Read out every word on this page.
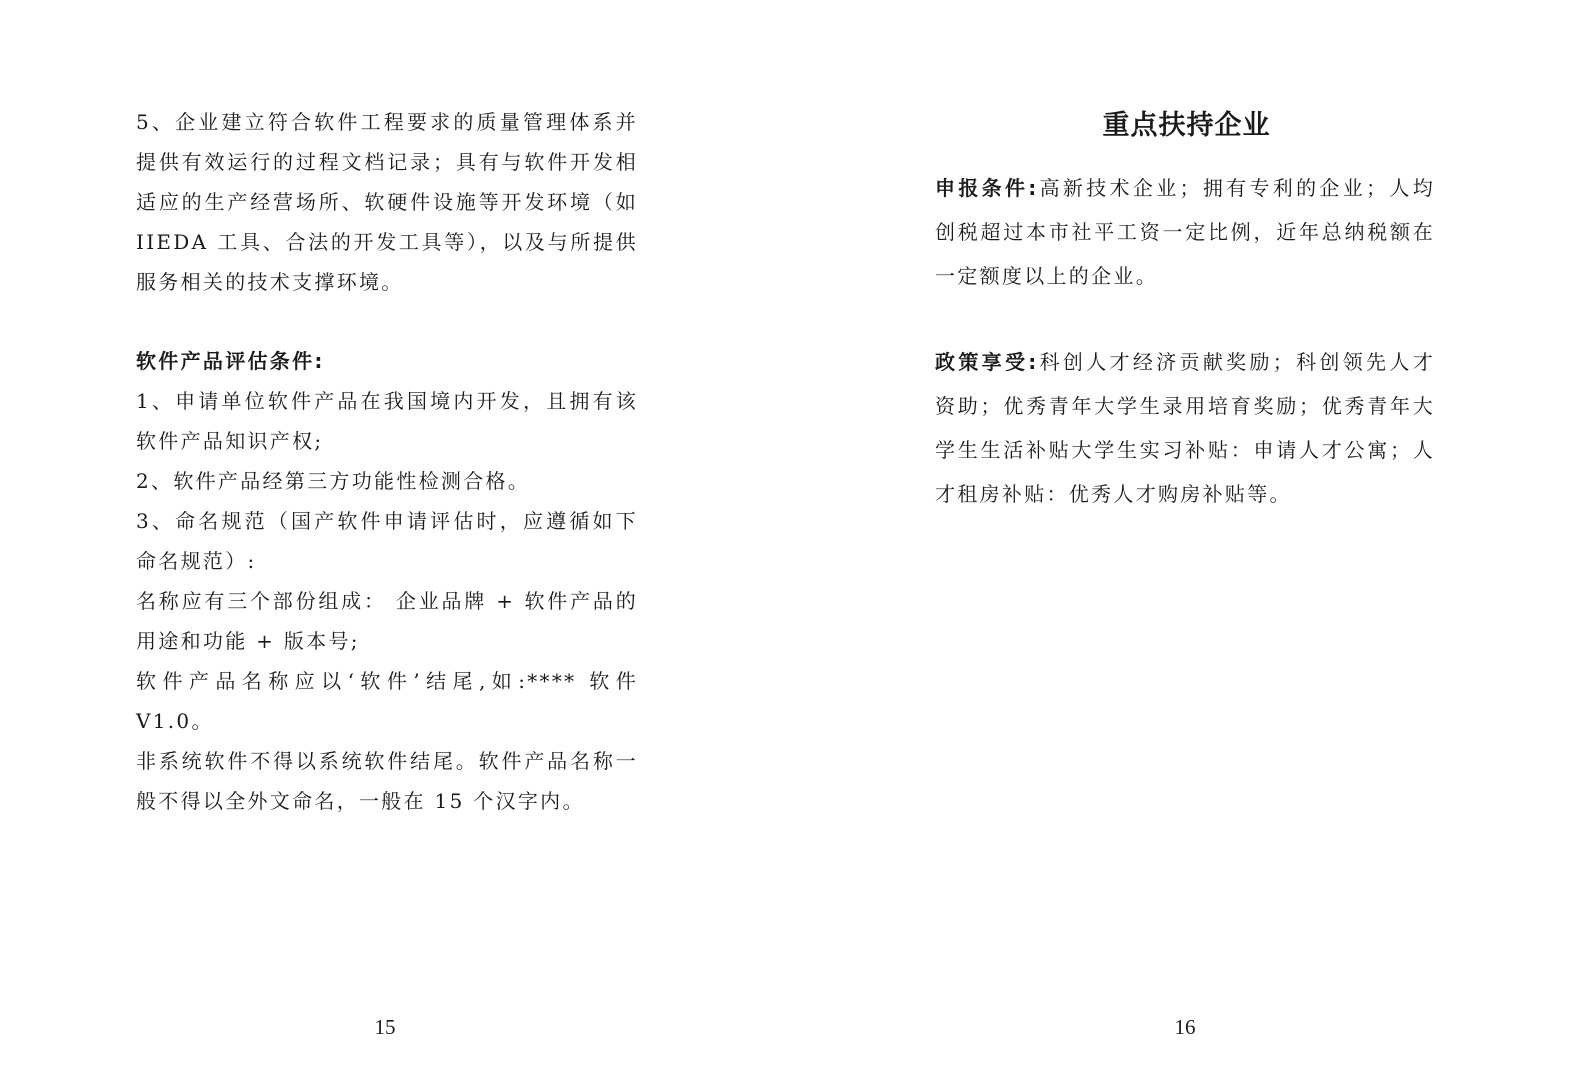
5、企业建立符合软件工程要求的质量管理体系并提供有效运行的过程文档记录；具有与软件开发相适应的生产经营场所、软硬件设施等开发环境（如 IIEDA 工具、合法的开发工具等），以及与所提供服务相关的技术支撑环境。

软件产品评估条件:

1、申请单位软件产品在我国境内开发，且拥有该软件产品知识产权;

2、软件产品经第三方功能性检测合格。

3、命名规范（国产软件申请评估时，应遵循如下命名规范）:

名称应有三个部份组成： 企业品牌 + 软件产品的用途和功能 + 版本号;

软件产品名称应以‘软件’结尾,如:**** 软件 V1.0。

非系统软件不得以系统软件结尾。软件产品名称一般不得以全外文命名，一般在 15 个汉字内。

15
重点扶持企业

申报条件:高新技术企业；拥有专利的企业；人均创税超过本市社平工资一定比例，近年总纳税额在一定额度以上的企业。

政策享受:科创人才经济贡献奖励；科创领先人才资助；优秀青年大学生录用培育奖励；优秀青年大学生生活补贴大学生实习补贴：申请人才公寓；人才租房补贴：优秀人才购房补贴等。

16
